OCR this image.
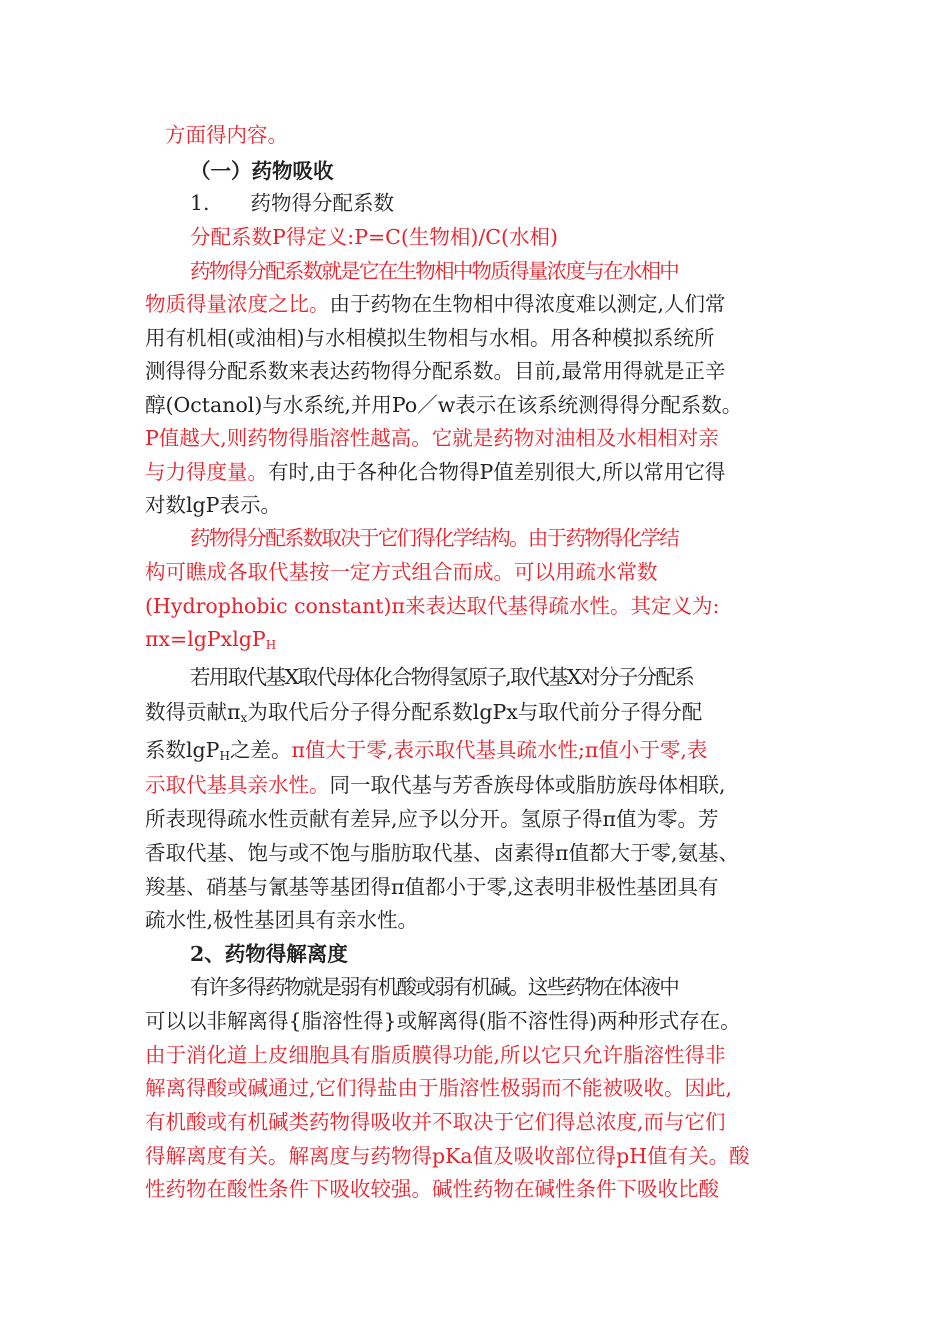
方面得内容。
（一）药物吸收
1.　　药物得分配系数
分配系数P得定义:P=C(生物相)/C(水相)
药物得分配系数就是它在生物相中物质得量浓度与在水相中
物质得量浓度之比。由于药物在生物相中得浓度难以测定,人们常
用有机相(或油相)与水相模拟生物相与水相。用各种模拟系统所
测得得分配系数来表达药物得分配系数。目前,最常用得就是正辛
醇(Octanol)与水系统,并用Po／w表示在该系统测得得分配系数。
P值越大,则药物得脂溶性越高。它就是药物对油相及水相相对亲
与力得度量。有时,由于各种化合物得P值差别很大,所以常用它得
对数lgP表示。
药物得分配系数取决于它们得化学结构。由于药物得化学结
构可瞧成各取代基按一定方式组合而成。可以用疏水常数
(Hydrophobic constant)π来表达取代基得疏水性。其定义为:
πx=lgPxlgP$_H$
若用取代基X取代母体化合物得氢原子,取代基X对分子分配系
数得贡献$\pi_x$为取代后分子得分配系数lgPx与取代前分子得分配
系数lgP$_H$之差。π值大于零,表示取代基具疏水性;π值小于零,表
示取代基具亲水性。同一取代基与芳香族母体或脂肪族母体相联,
所表现得疏水性贡献有差异,应予以分开。氢原子得π值为零。芳
香取代基、饱与或不饱与脂肪取代基、卤素得π值都大于零,氨基、
羧基、硝基与氰基等基团得π值都小于零,这表明非极性基团具有
疏水性,极性基团具有亲水性。
2、药物得解离度
有许多得药物就是弱有机酸或弱有机碱。这些药物在体液中
可以以非解离得{脂溶性得}或解离得(脂不溶性得)两种形式存在。
由于消化道上皮细胞具有脂质膜得功能,所以它只允许脂溶性得非
解离得酸或碱通过,它们得盐由于脂溶性极弱而不能被吸收。因此,
有机酸或有机碱类药物得吸收并不取决于它们得总浓度,而与它们
得解离度有关。解离度与药物得pKa值及吸收部位得pH值有关。酸
性药物在酸性条件下吸收较强。碱性药物在碱性条件下吸收比酸
